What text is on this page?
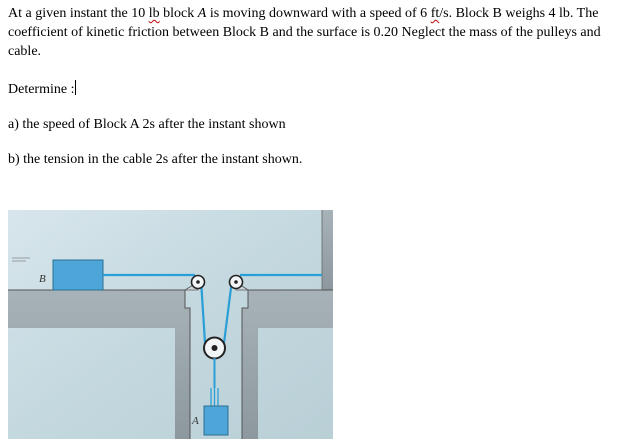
At a given instant the 10 lb block A is moving downward with a speed of 6 ft/s. Block B weighs 4 lb. The coefficient of kinetic friction between Block B and the surface is 0.20 Neglect the mass of the pulleys and cable.

Determine :

a) the speed of Block A 2s after the instant shown

b) the tension in the cable 2s after the instant shown.

B
A
